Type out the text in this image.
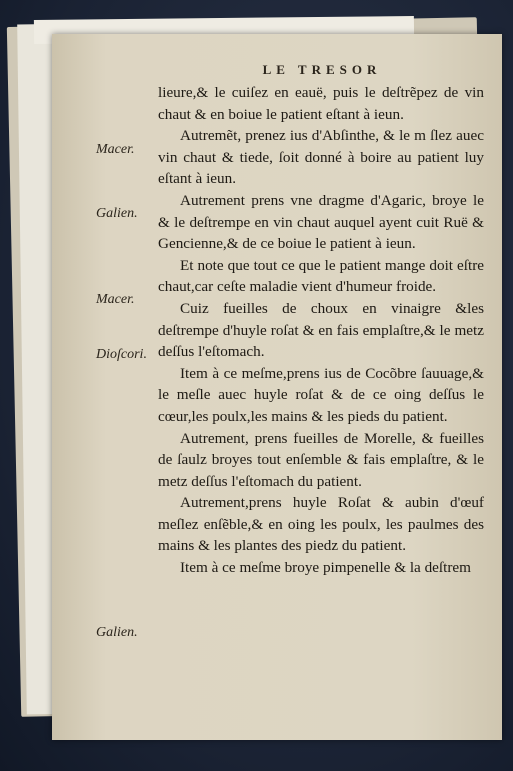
LE TRESOR
Macer.
Galien.
Macer.
Dioſcori.
Galien.

lieure,& le cuiſez en eauë, puis le deſtrẽpez de vin chaut & en boiue le patient eſtant à ieun.

Autremẽt, prenez ius d'Abſinthe, & le m ſlez auec vin chaut & tiede, ſoit donné à boire au patient luy eſtant à ieun.

Autrement prens vne dragme d'Agaric, broye le & le deſtrempe en vin chaut auquel ayent cuit Ruë & Gencienne,& de ce boiue le patient à ieun.

Et note que tout ce que le patient mange doit eſtre chaut,car ceſte maladie vient d'humeur froide.

Cuiz fueilles de choux en vinaigre &les deſtrempe d'huyle roſat & en fais emplaſtre,& le metz deſſus l'eſtomach.

Item à ce meſme,prens ius de Cocõbre ſauuage,& le meſle auec huyle roſat & de ce oing deſſus le cœur,les poulx,les mains & les pieds du patient.

Autrement, prens fueilles de Morelle, & fueilles de ſaulz broyes tout enſemble & fais emplaſtre, & le metz deſſus l'eſtomach du patient.

Autrement,prens huyle Roſat & aubin d'œuf meſlez enſẽble,& en oing les poulx, les paulmes des mains & les plantes des piedz du patient.

Item à ce meſme broye pimpenelle & la deſtrem
